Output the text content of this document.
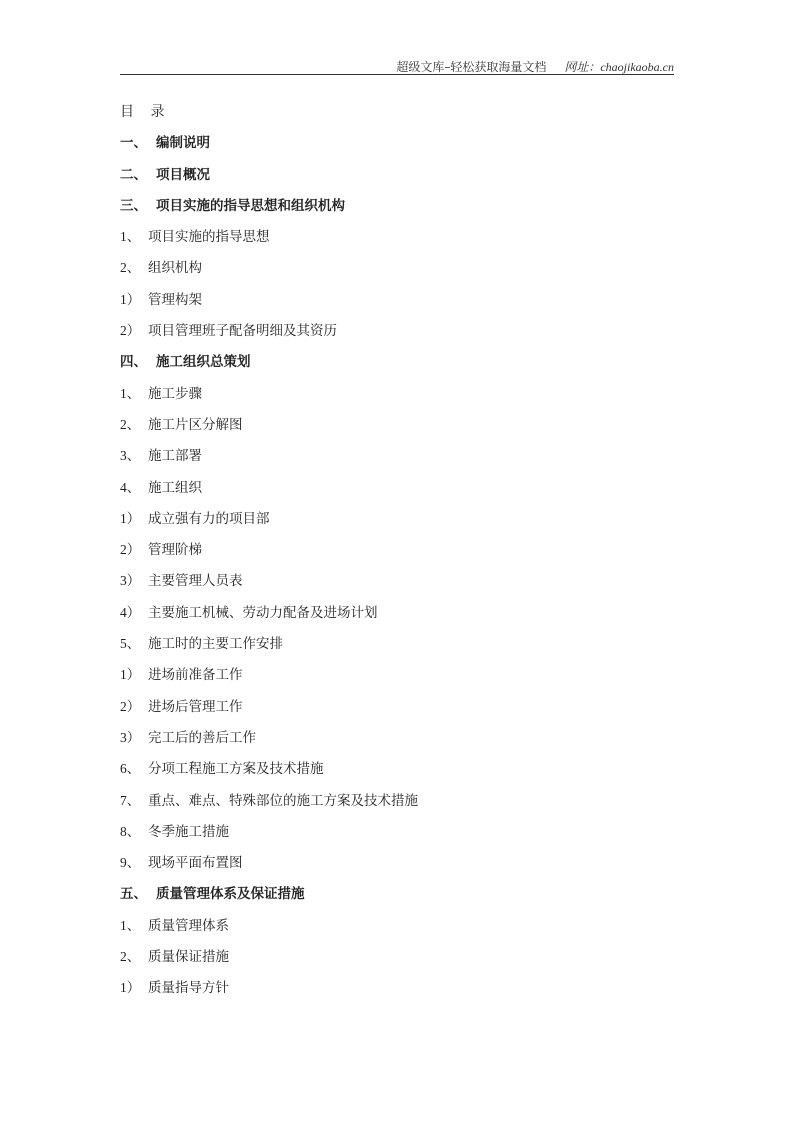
超级文库–轻松获取海量文档 网址：chaojikaoba.cn
目 录
一、 编制说明
二、 项目概况
三、 项目实施的指导思想和组织机构
1、 项目实施的指导思想
2、 组织机构
1） 管理构架
2） 项目管理班子配备明细及其资历
四、 施工组织总策划
1、 施工步骤
2、 施工片区分解图
3、 施工部署
4、 施工组织
1） 成立强有力的项目部
2） 管理阶梯
3） 主要管理人员表
4） 主要施工机械、劳动力配备及进场计划
5、 施工时的主要工作安排
1） 进场前准备工作
2） 进场后管理工作
3） 完工后的善后工作
6、 分项工程施工方案及技术措施
7、 重点、难点、特殊部位的施工方案及技术措施
8、 冬季施工措施
9、 现场平面布置图
五、 质量管理体系及保证措施
1、 质量管理体系
2、 质量保证措施
1） 质量指导方针
